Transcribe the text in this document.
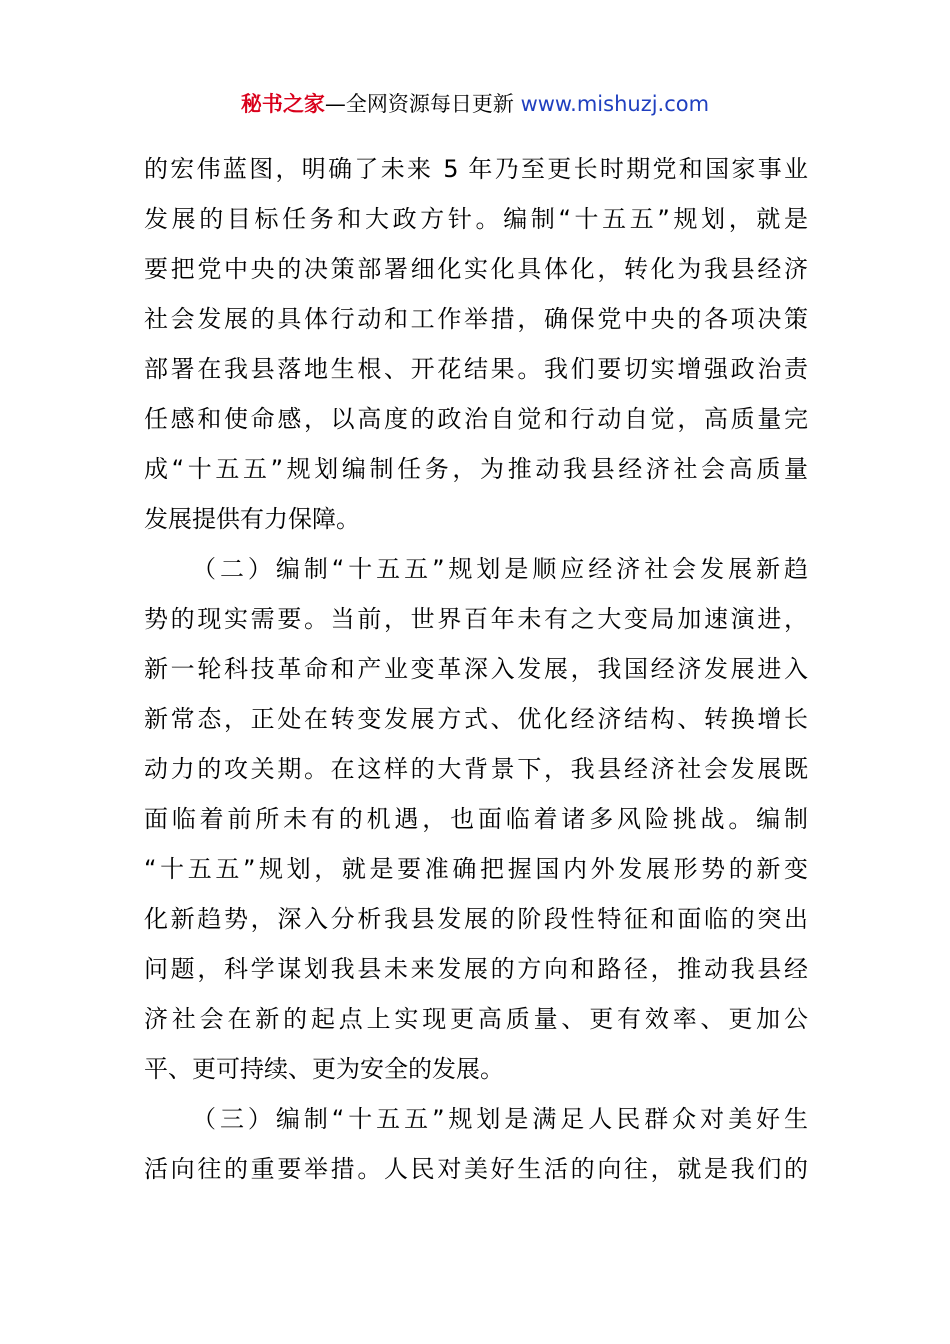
秘书之家—全网资源每日更新 www.mishuzj.com
的宏伟蓝图，明确了未来 5 年乃至更长时期党和国家事业
发展的目标任务和大政方针。编制“十五五”规划，就是
要把党中央的决策部署细化实化具体化，转化为我县经济
社会发展的具体行动和工作举措，确保党中央的各项决策
部署在我县落地生根、开花结果。我们要切实增强政治责
任感和使命感，以高度的政治自觉和行动自觉，高质量完
成“十五五”规划编制任务，为推动我县经济社会高质量
发展提供有力保障。
（二）编制“十五五”规划是顺应经济社会发展新趋
势的现实需要。当前，世界百年未有之大变局加速演进，
新一轮科技革命和产业变革深入发展，我国经济发展进入
新常态，正处在转变发展方式、优化经济结构、转换增长
动力的攻关期。在这样的大背景下，我县经济社会发展既
面临着前所未有的机遇，也面临着诸多风险挑战。编制
“十五五”规划，就是要准确把握国内外发展形势的新变
化新趋势，深入分析我县发展的阶段性特征和面临的突出
问题，科学谋划我县未来发展的方向和路径，推动我县经
济社会在新的起点上实现更高质量、更有效率、更加公
平、更可持续、更为安全的发展。
（三）编制“十五五”规划是满足人民群众对美好生
活向往的重要举措。人民对美好生活的向往，就是我们的
